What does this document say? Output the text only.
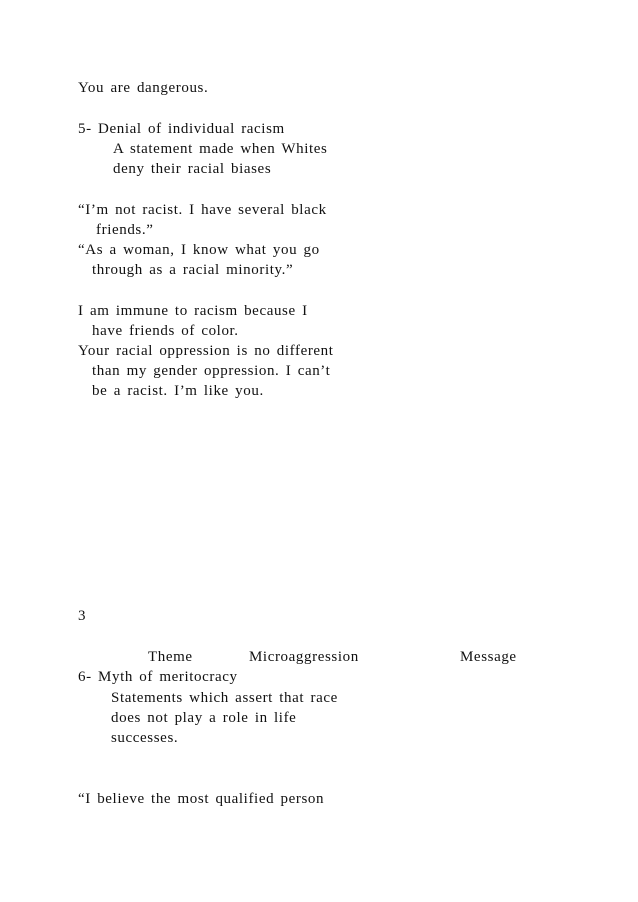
You are dangerous.
5- Denial of individual racism
A statement made when Whites
deny their racial biases
“I’m not racist. I have several black
friends.”
“As a woman, I know what you go
through as a racial minority.”
I am immune to racism because I
have friends of color.
Your racial oppression is no different
than my gender oppression. I can’t
be a racist. I’m like you.
3
Theme	Microaggression	Message
6- Myth of meritocracy
Statements which assert that race
does not play a role in life
successes.
“I believe the most qualified person
